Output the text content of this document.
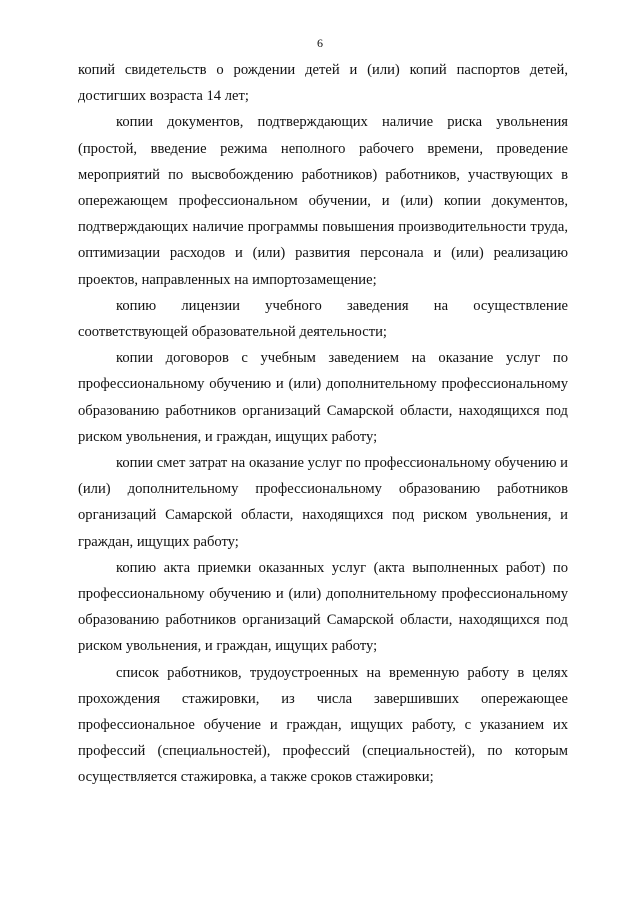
6

копий свидетельств о рождении детей и (или) копий паспортов детей, достигших возраста 14 лет;

копии документов, подтверждающих наличие риска увольнения (простой, введение режима неполного рабочего времени, проведение мероприятий по высвобождению работников) работников, участвующих в опережающем профессиональном обучении, и (или) копии документов, подтверждающих наличие программы повышения производительности труда, оптимизации расходов и (или) развития персонала и (или) реализацию проектов, направленных на импортозамещение;

копию лицензии учебного заведения на осуществление соответствующей образовательной деятельности;

копии договоров с учебным заведением на оказание услуг по профессиональному обучению и (или) дополнительному профессиональному образованию работников организаций Самарской области, находящихся под риском увольнения, и граждан, ищущих работу;

копии смет затрат на оказание услуг по профессиональному обучению и (или) дополнительному профессиональному образованию работников организаций Самарской области, находящихся под риском увольнения, и граждан, ищущих работу;

копию акта приемки оказанных услуг (акта выполненных работ) по профессиональному обучению и (или) дополнительному профессиональному образованию работников организаций Самарской области, находящихся под риском увольнения, и граждан, ищущих работу;

список работников, трудоустроенных на временную работу в целях прохождения стажировки, из числа завершивших опережающее профессиональное обучение и граждан, ищущих работу, с указанием их профессий (специальностей), профессий (специальностей), по которым осуществляется стажировка, а также сроков стажировки;
